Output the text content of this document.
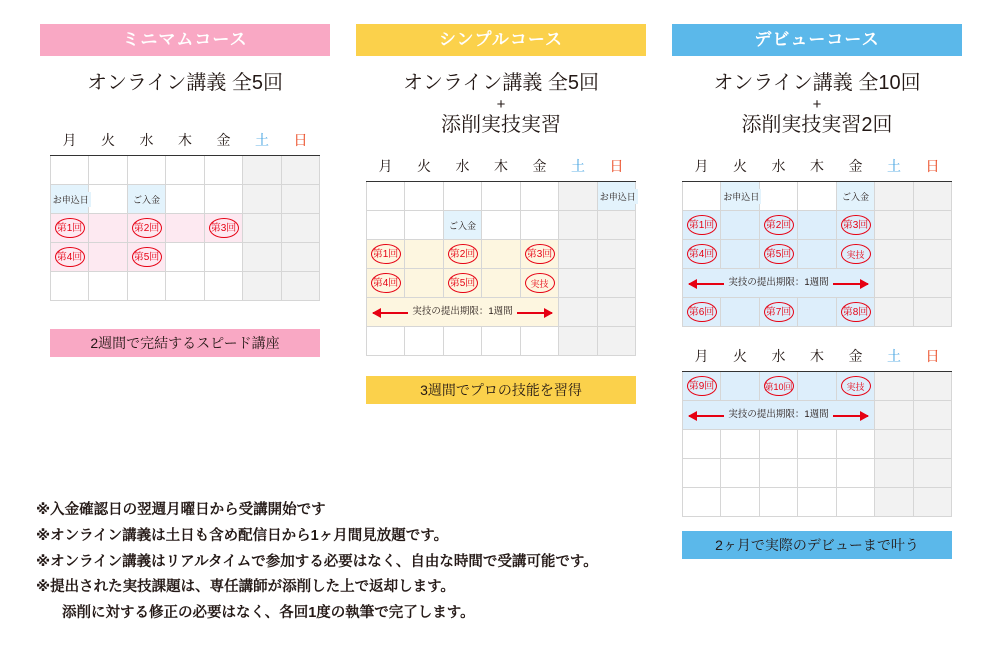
ミニマムコース
オンライン講義 全5回
月	火	水	木	金	土	日

お申込日		ご入金				
第1回		第2回		第3回		
第4回		第5回				

2週間で完結するスピード講座
シンプルコース
オンライン講義 全5回
+
添削実技実習
月	火	水	木	金	土	日
						お申込日
		ご入金				
第1回		第2回		第3回		
第4回		第5回		実技		

実技の提出期限：1週間						

3週間でプロの技能を習得
デビューコース
オンライン講義 全10回
+
添削実技実習2回
月	火	水	木	金	土	日
	お申込日			ご入金		
第1回		第2回		第3回		
第4回		第5回		実技		

実技の提出期限：1週間						

第6回		第7回		第8回		
月	火	水	木	金	土	日
第9回		第10回		実技		

実技の提出期限：1週間						

2ヶ月で実際のデビューまで叶う
※入金確認日の翌週月曜日から受講開始です
※オンライン講義は土日も含め配信日から1ヶ月間見放題です。
※オンライン講義はリアルタイムで参加する必要はなく、自由な時間で受講可能です。
※提出された実技課題は、専任講師が添削した上で返却します。
添削に対する修正の必要はなく、各回1度の執筆で完了します。
